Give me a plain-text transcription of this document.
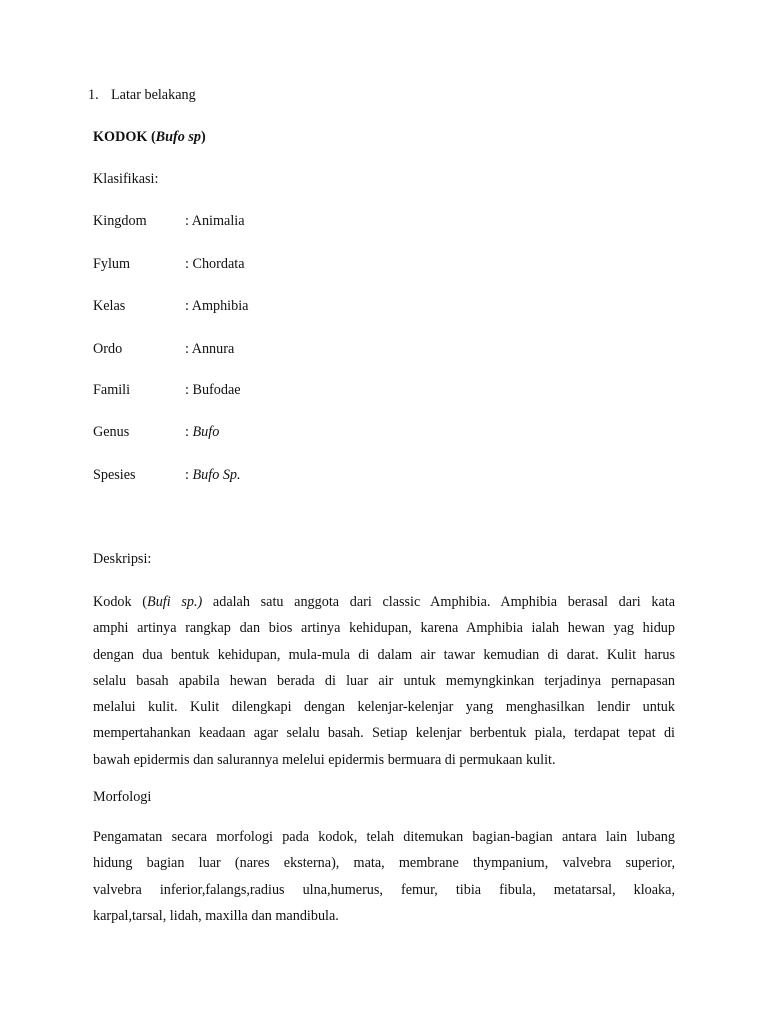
1. Latar belakang
KODOK (Bufo sp)
Klasifikasi:
Kingdom	: Animalia
Fylum	: Chordata
Kelas	: Amphibia
Ordo	: Annura
Famili	: Bufodae
Genus	: Bufo
Spesies	: Bufo Sp.
Deskripsi:
Kodok (Bufi sp.) adalah satu anggota dari classic Amphibia. Amphibia berasal dari kata
amphi artinya rangkap dan bios artinya kehidupan, karena Amphibia ialah hewan yag hidup
dengan dua bentuk kehidupan, mula-mula di dalam air tawar kemudian di darat. Kulit harus
selalu basah apabila hewan berada di luar air untuk memyngkinkan terjadinya pernapasan
melalui kulit. Kulit dilengkapi dengan kelenjar-kelenjar yang menghasilkan lendir untuk
mempertahankan keadaan agar selalu basah. Setiap kelenjar berbentuk piala, terdapat tepat di
bawah epidermis dan salurannya melelui epidermis bermuara di permukaan kulit.
Morfologi
Pengamatan secara morfologi pada kodok, telah ditemukan bagian-bagian antara lain lubang
hidung bagian luar (nares eksterna), mata, membrane thympanium, valvebra superior,
valvebra inferior,falangs,radius ulna,humerus, femur, tibia fibula, metatarsal, kloaka,
karpal,tarsal, lidah, maxilla dan mandibula.
